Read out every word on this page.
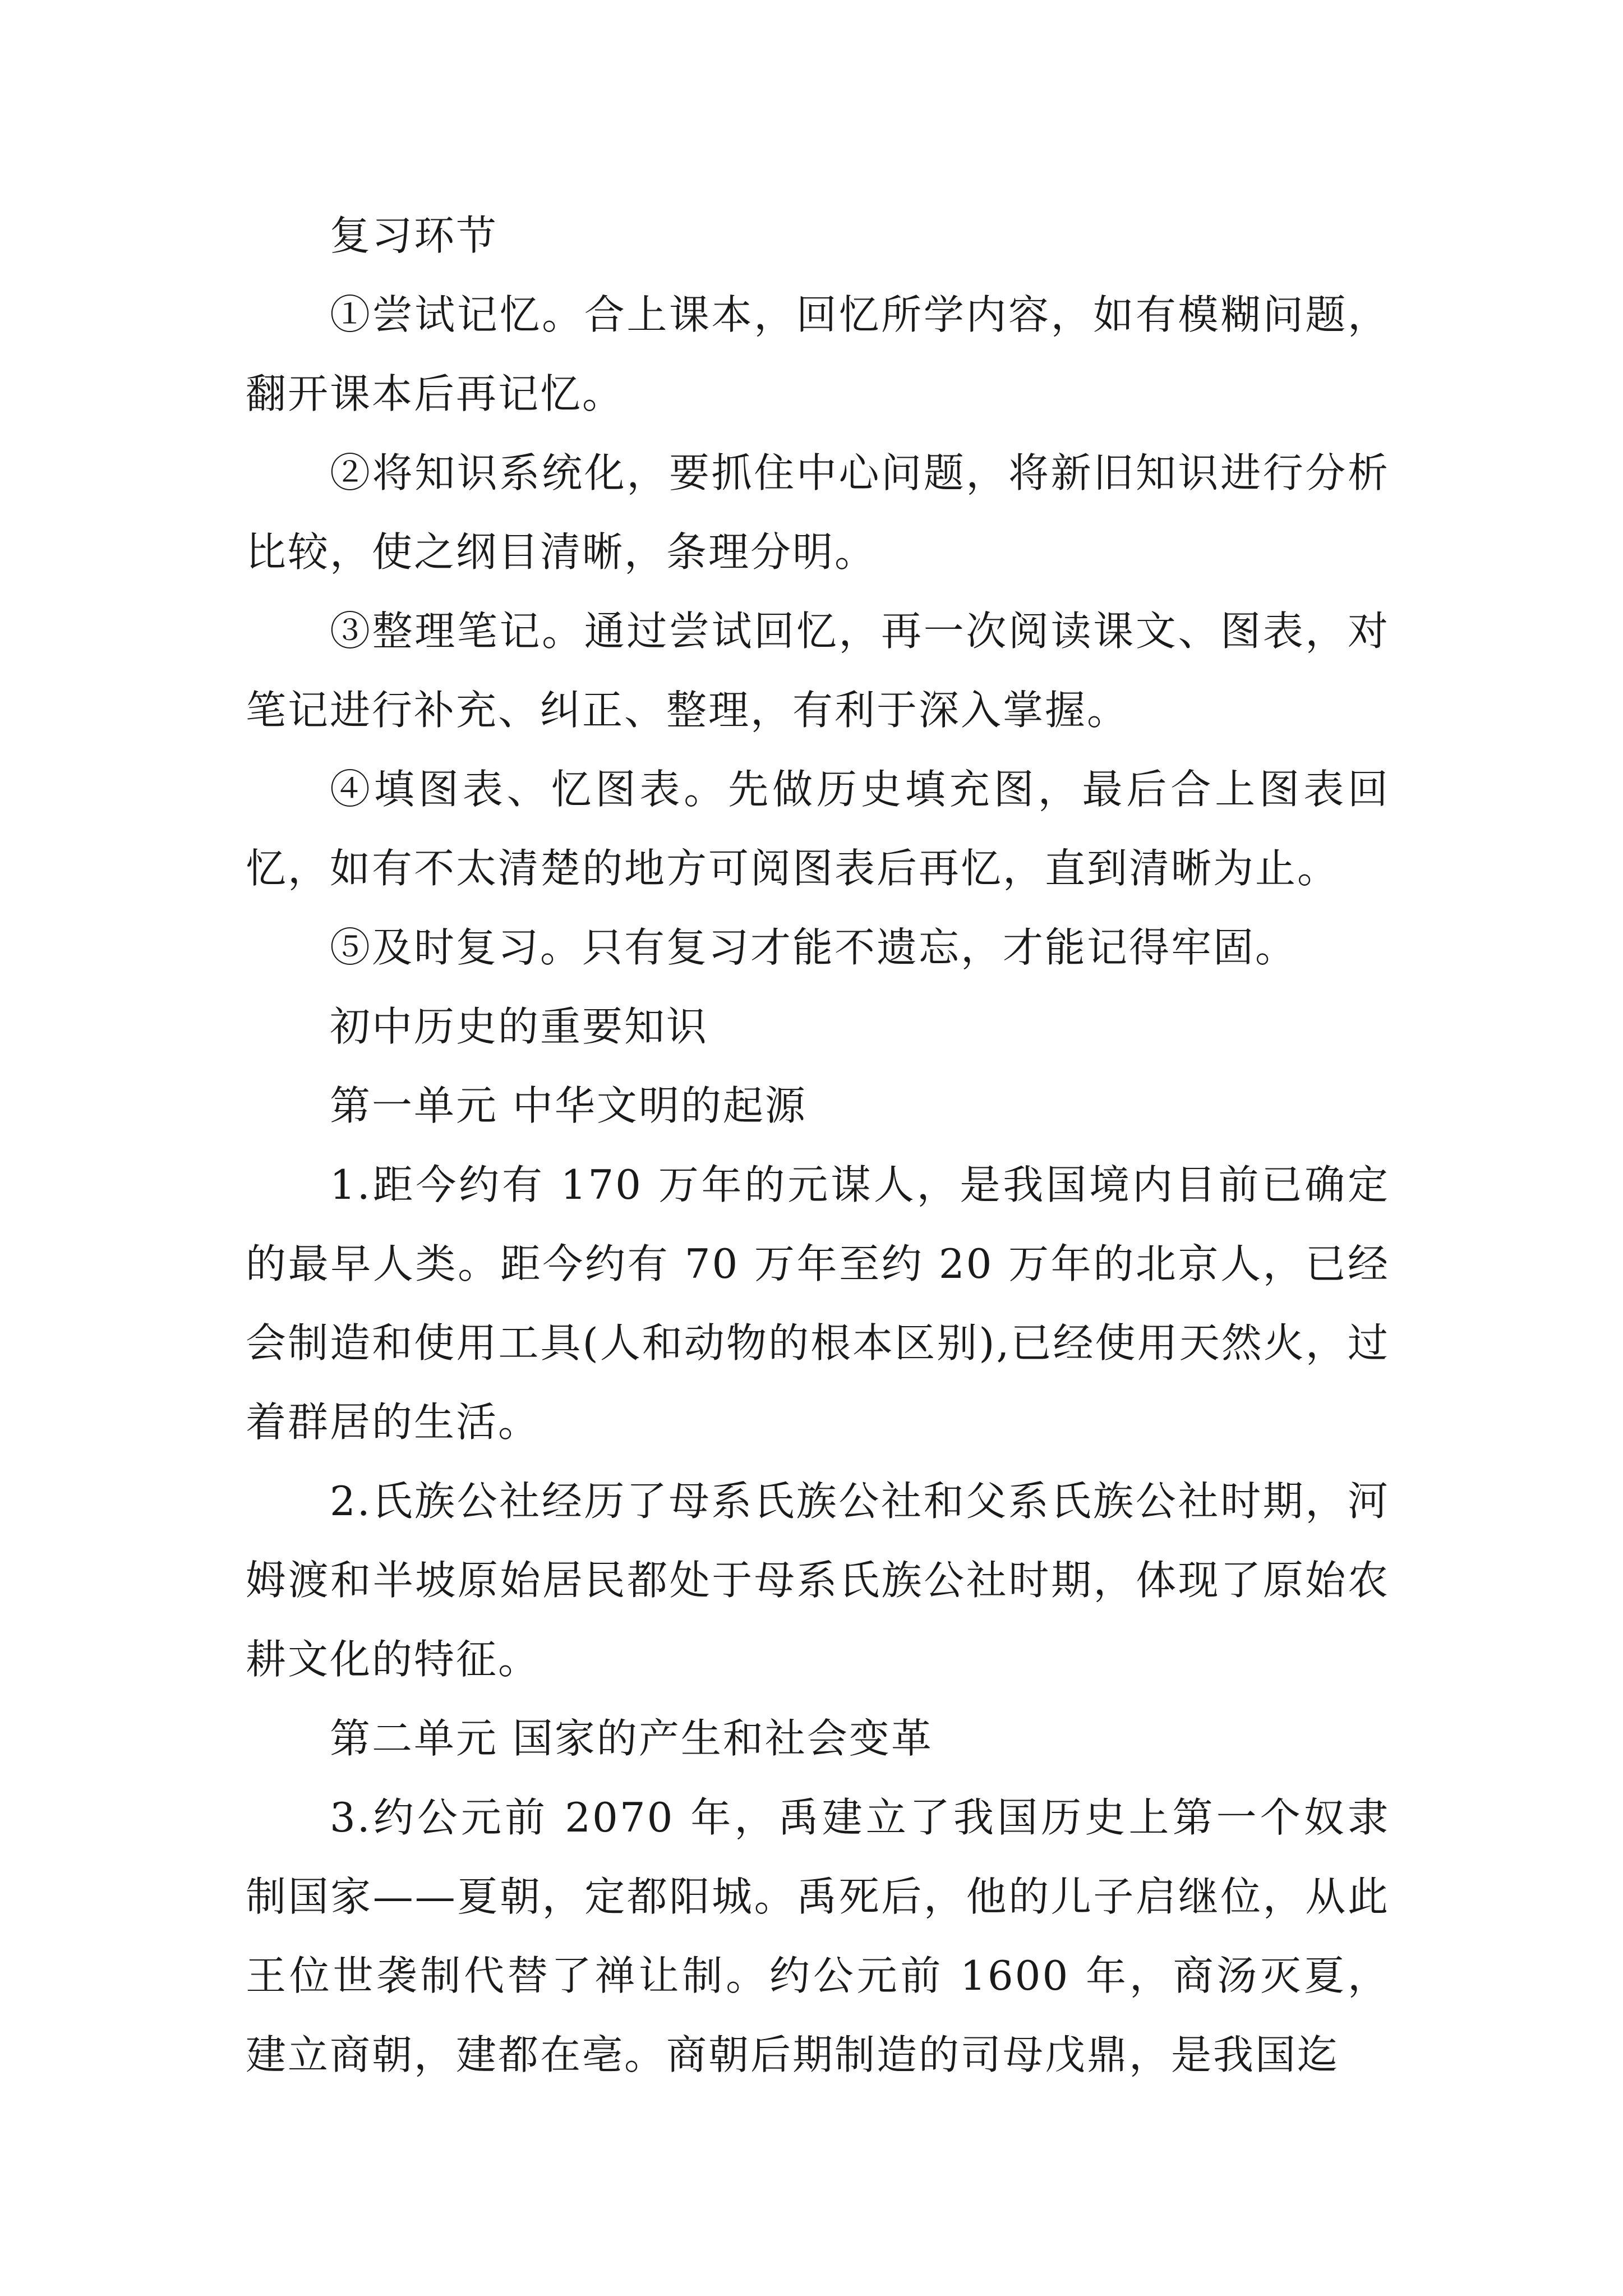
复习环节

①尝试记忆。合上课本，回忆所学内容，如有模糊问题，翻开课本后再记忆。

②将知识系统化，要抓住中心问题，将新旧知识进行分析比较，使之纲目清晰，条理分明。

③整理笔记。通过尝试回忆，再一次阅读课文、图表，对笔记进行补充、纠正、整理，有利于深入掌握。

④填图表、忆图表。先做历史填充图，最后合上图表回忆，如有不太清楚的地方可阅图表后再忆，直到清晰为止。

⑤及时复习。只有复习才能不遗忘，才能记得牢固。

初中历史的重要知识

第一单元 中华文明的起源

1.距今约有 170 万年的元谋人，是我国境内目前已确定的最早人类。距今约有 70 万年至约 20 万年的北京人，已经会制造和使用工具(人和动物的根本区别),已经使用天然火，过着群居的生活。

2.氏族公社经历了母系氏族公社和父系氏族公社时期，河姆渡和半坡原始居民都处于母系氏族公社时期，体现了原始农耕文化的特征。

第二单元 国家的产生和社会变革

3.约公元前 2070 年，禹建立了我国历史上第一个奴隶制国家——夏朝，定都阳城。禹死后，他的儿子启继位，从此王位世袭制代替了禅让制。约公元前 1600 年，商汤灭夏，建立商朝，建都在亳。商朝后期制造的司母戊鼎，是我国迄
